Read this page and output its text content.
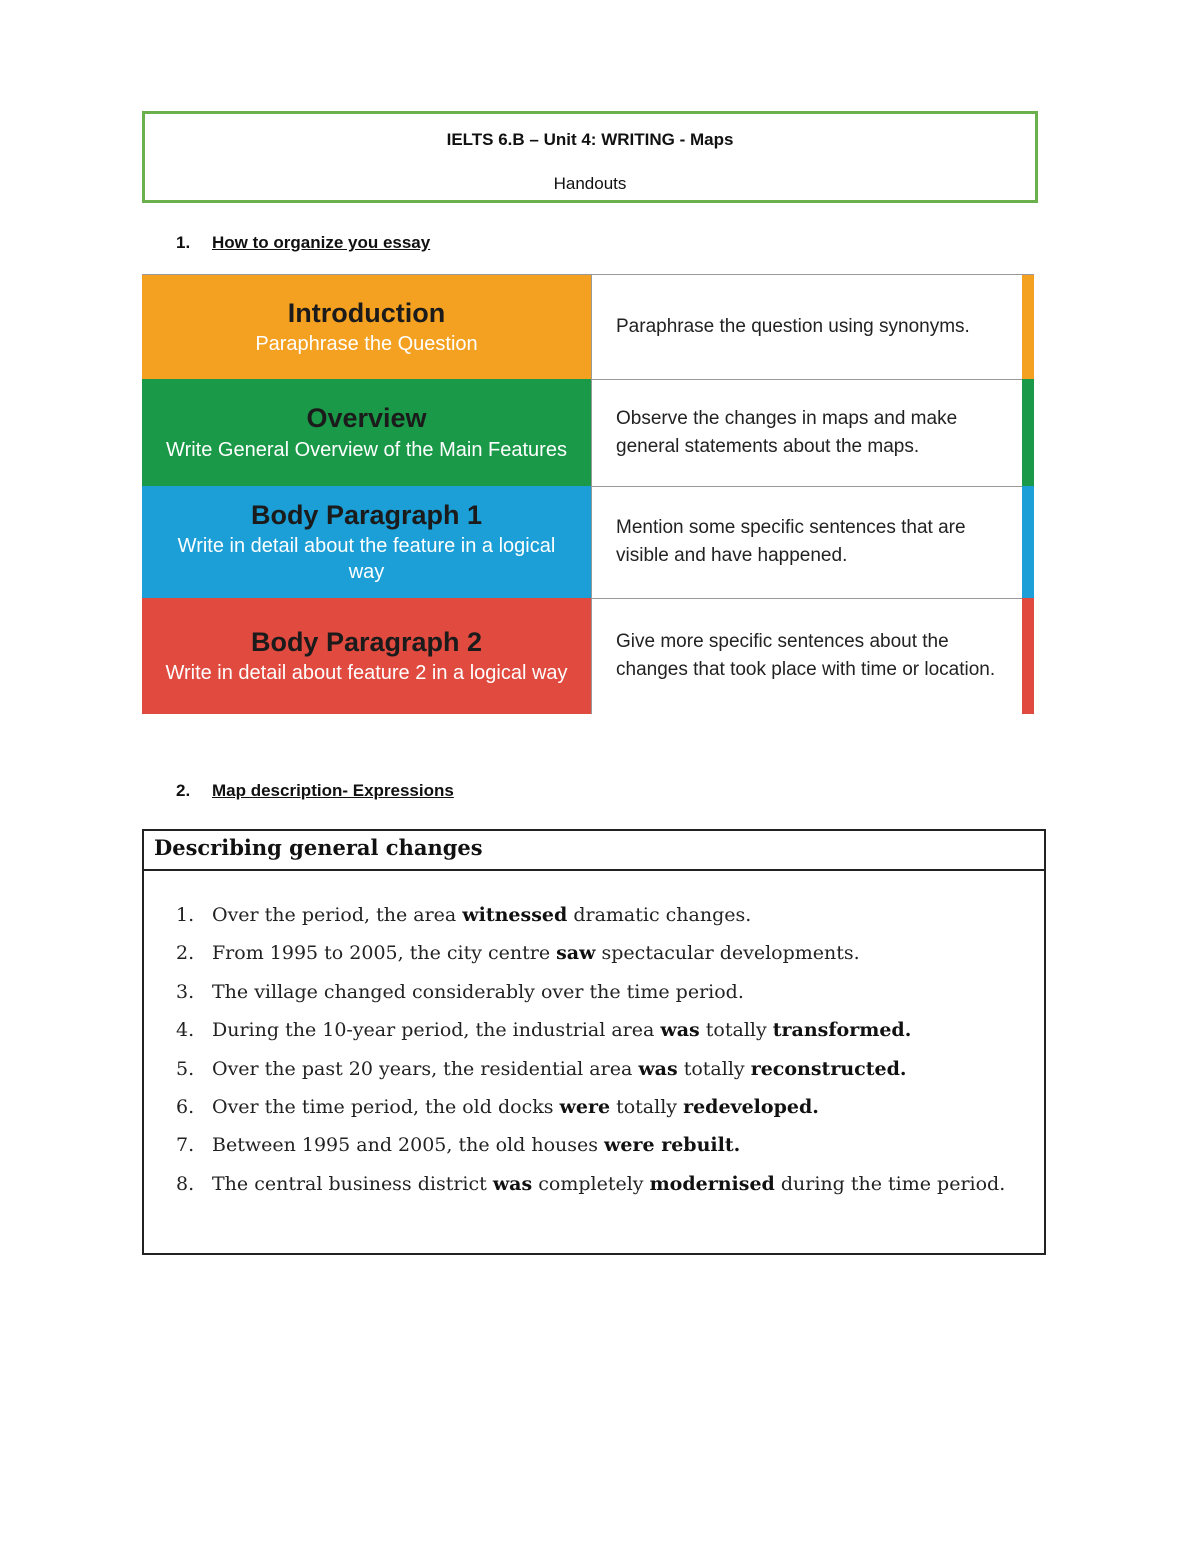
IELTS 6.B – Unit 4: WRITING - Maps
Handouts
1. How to organize you essay
Introduction
Paraphrase the Question
Paraphrase the question using synonyms.
Overview
Write General Overview of the Main Features
Observe the changes in maps and make general statements about the maps.
Body Paragraph 1
Write in detail about the feature in a logical way
Mention some specific sentences that are visible and have happened.
Body Paragraph 2
Write in detail about feature 2 in a logical way
Give more specific sentences about the changes that took place with time or location.
2. Map description- Expressions
Describing general changes
1. Over the period, the area witnessed dramatic changes.
2. From 1995 to 2005, the city centre saw spectacular developments.
3. The village changed considerably over the time period.
4. During the 10-year period, the industrial area was totally transformed.
5. Over the past 20 years, the residential area was totally reconstructed.
6. Over the time period, the old docks were totally redeveloped.
7. Between 1995 and 2005, the old houses were rebuilt.
8. The central business district was completely modernised during the time period.
